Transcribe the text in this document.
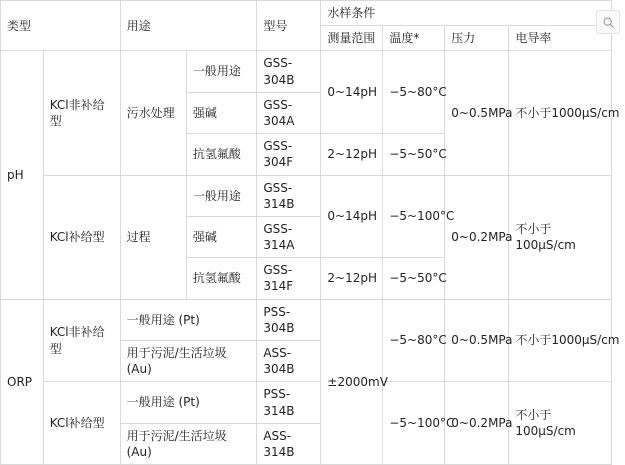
类型		用途		型号	水样条件			
					测量范围	温度*	压力	电导率
pH	KCl非补给型	污水处理	一般用途	GSS-304B	0~14pH	−5~80°C	0~0.5MPa	不小于1000µS/cm
			强碱	GSS-304A				
			抗氢氟酸	GSS-304F	2~12pH	−5~50°C		
	KCl补给型	过程	一般用途	GSS-314B	0~14pH	−5~100°C	0~0.2MPa	不小于100µS/cm
			强碱	GSS-314A				
			抗氢氟酸	GSS-314F	2~12pH	−5~50°C		
ORP	KCl非补给型	一般用途 (Pt)		PSS-304B	±2000mV	−5~80°C	0~0.5MPa	不小于1000µS/cm
		用于污泥/生活垃圾(Au)		ASS-304B				
	KCl补给型	一般用途 (Pt)		PSS-314B		−5~100°C	0~0.2MPa	不小于100µS/cm
		用于污泥/生活垃圾(Au)		ASS-314B				
